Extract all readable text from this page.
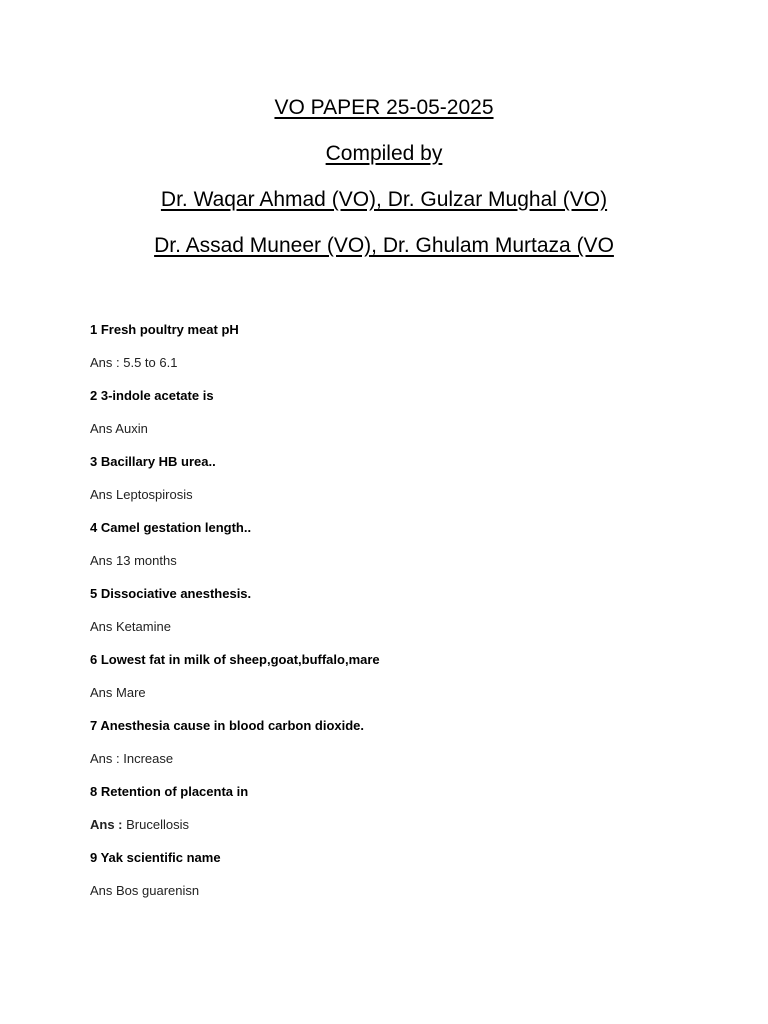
VO PAPER 25-05-2025
Compiled by
Dr. Waqar Ahmad (VO), Dr. Gulzar Mughal (VO)
Dr. Assad Muneer (VO), Dr. Ghulam Murtaza (VO
1 Fresh poultry meat pH
Ans : 5.5 to 6.1
2 3-indole acetate is
Ans Auxin
3 Bacillary HB urea..
Ans Leptospirosis
4 Camel gestation length..
Ans 13 months
5 Dissociative anesthesis.
Ans Ketamine
6 Lowest fat in milk of sheep,goat,buffalo,mare
Ans Mare
7 Anesthesia cause in blood carbon dioxide.
Ans : Increase
8 Retention of placenta in
Ans : Brucellosis
9 Yak scientific name
Ans Bos guarenisn
